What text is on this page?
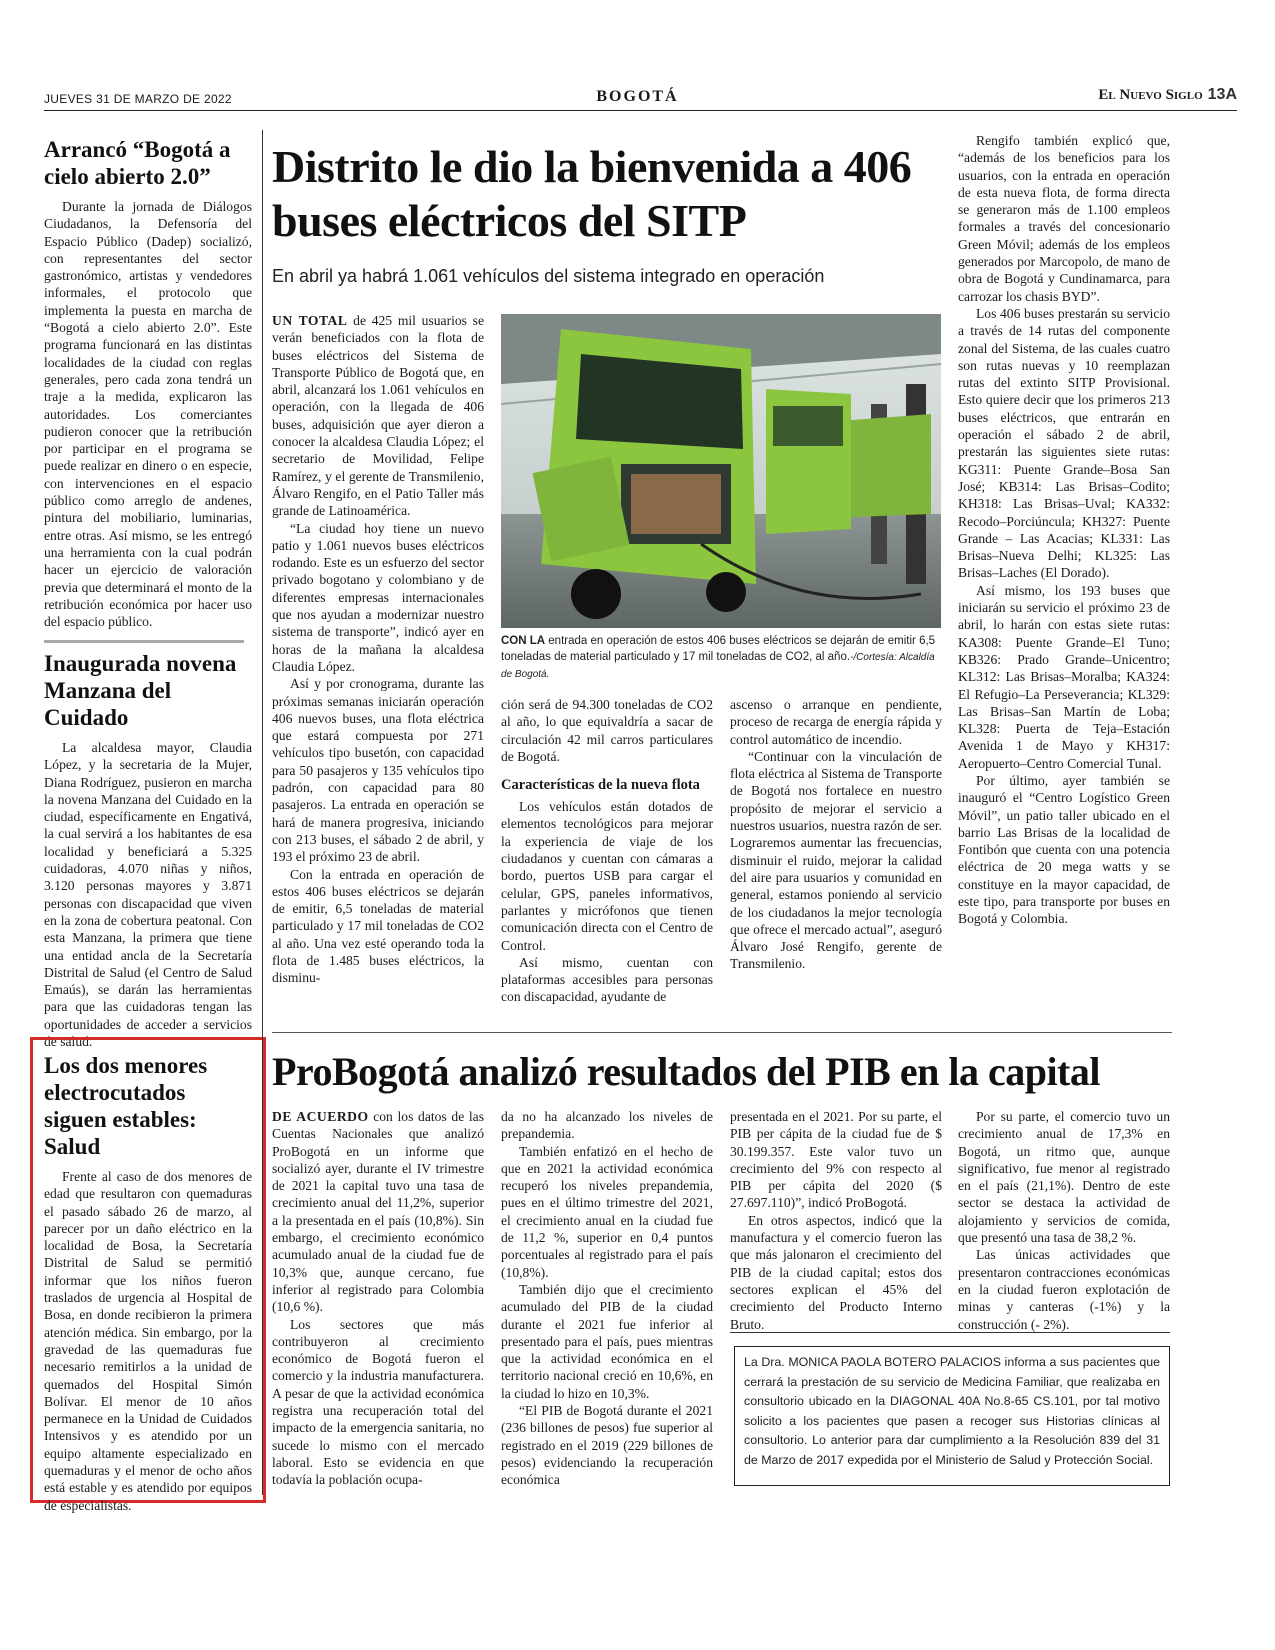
JUEVES 31 DE MARZO DE 2022	BOGOTÁ	El Nuevo Siglo 13A
Arrancó “Bogotá a cielo abierto 2.0”

Durante la jornada de Diálogos Ciudadanos, la Defensoría del Espacio Público (Dadep) socializó, con representantes del sector gastronómico, artistas y vendedores informales, el protocolo que implementa la puesta en marcha de “Bogotá a cielo abierto 2.0”. Este programa funcionará en las distintas localidades de la ciudad con reglas generales, pero cada zona tendrá un traje a la medida, explicaron las autoridades. Los comerciantes pudieron conocer que la retribución por participar en el programa se puede realizar en dinero o en especie, con intervenciones en el espacio público como arreglo de andenes, pintura del mobiliario, luminarias, entre otras. Así mismo, se les entregó una herramienta con la cual podrán hacer un ejercicio de valoración previa que determinará el monto de la retribución económica por hacer uso del espacio público.

Inaugurada novena Manzana del Cuidado

La alcaldesa mayor, Claudia López, y la secretaria de la Mujer, Diana Rodríguez, pusieron en marcha la novena Manzana del Cuidado en la ciudad, específicamente en Engativá, la cual servirá a los habitantes de esa localidad y beneficiará a 5.325 cuidadoras, 4.070 niñas y niños, 3.120 personas mayores y 3.871 personas con discapacidad que viven en la zona de cobertura peatonal. Con esta Manzana, la primera que tiene una entidad ancla de la Secretaría Distrital de Salud (el Centro de Salud Emaús), se darán las herramientas para que las cuidadoras tengan las oportunidades de acceder a servicios de salud.

Los dos menores electrocutados siguen estables: Salud

Frente al caso de dos menores de edad que resultaron con quemaduras el pasado sábado 26 de marzo, al parecer por un daño eléctrico en la localidad de Bosa, la Secretaría Distrital de Salud se permitió informar que los niños fueron traslados de urgencia al Hospital de Bosa, en donde recibieron la primera atención médica. Sin embargo, por la gravedad de las quemaduras fue necesario remitirlos a la unidad de quemados del Hospital Simón Bolívar. El menor de 10 años permanece en la Unidad de Cuidados Intensivos y es atendido por un equipo altamente especializado en quemaduras y el menor de ocho años está estable y es atendido por equipos de especialistas.

Distrito le dio la bienvenida a 406 buses eléctricos del SITP
En abril ya habrá 1.061 vehículos del sistema integrado en operación

UN TOTAL de 425 mil usuarios se verán beneficiados con la flota de buses eléctricos del Sistema de Transporte Público de Bogotá que, en abril, alcanzará los 1.061 vehículos en operación, con la llegada de 406 buses, adquisición que ayer dieron a conocer la alcaldesa Claudia López; el secretario de Movilidad, Felipe Ramírez, y el gerente de Transmilenio, Álvaro Rengifo, en el Patio Taller más grande de Latinoamérica.

“La ciudad hoy tiene un nuevo patio y 1.061 nuevos buses eléctricos rodando. Este es un esfuerzo del sector privado bogotano y colombiano y de diferentes empresas internacionales que nos ayudan a modernizar nuestro sistema de transporte”, indicó ayer en horas de la mañana la alcaldesa Claudia López.

Así y por cronograma, durante las próximas semanas iniciarán operación 406 nuevos buses, una flota eléctrica que estará compuesta por 271 vehículos tipo busetón, con capacidad para 50 pasajeros y 135 vehículos tipo padrón, con capacidad para 80 pasajeros. La entrada en operación se hará de manera progresiva, iniciando con 213 buses, el sábado 2 de abril, y 193 el próximo 23 de abril.

Con la entrada en operación de estos 406 buses eléctricos se dejarán de emitir, 6,5 toneladas de material particulado y 17 mil toneladas de CO2 al año. Una vez esté operando toda la flota de 1.485 buses eléctricos, la disminu-

CON LA entrada en operación de estos 406 buses eléctricos se dejarán de emitir 6,5 toneladas de material particulado y 17 mil toneladas de CO2, al año.-/Cortesía: Alcaldía de Bogotá.

ción será de 94.300 toneladas de CO2 al año, lo que equivaldría a sacar de circulación 42 mil carros particulares de Bogotá.

Características de la nueva flota

Los vehículos están dotados de elementos tecnológicos para mejorar la experiencia de viaje de los ciudadanos y cuentan con cámaras a bordo, puertos USB para cargar el celular, GPS, paneles informativos, parlantes y micrófonos que tienen comunicación directa con el Centro de Control.

Así mismo, cuentan con plataformas accesibles para personas con discapacidad, ayudante de

ascenso o arranque en pendiente, proceso de recarga de energía rápida y control automático de incendio.

“Continuar con la vinculación de flota eléctrica al Sistema de Transporte de Bogotá nos fortalece en nuestro propósito de mejorar el servicio a nuestros usuarios, nuestra razón de ser. Lograremos aumentar las frecuencias, disminuir el ruido, mejorar la calidad del aire para usuarios y comunidad en general, estamos poniendo al servicio de los ciudadanos la mejor tecnología que ofrece el mercado actual”, aseguró Álvaro José Rengifo, gerente de Transmilenio.

Rengifo también explicó que, “además de los beneficios para los usuarios, con la entrada en operación de esta nueva flota, de forma directa se generaron más de 1.100 empleos formales a través del concesionario Green Móvil; además de los empleos generados por Marcopolo, de mano de obra de Bogotá y Cundinamarca, para carrozar los chasis BYD”.

Los 406 buses prestarán su servicio a través de 14 rutas del componente zonal del Sistema, de las cuales cuatro son rutas nuevas y 10 reemplazan rutas del extinto SITP Provisional. Esto quiere decir que los primeros 213 buses eléctricos, que entrarán en operación el sábado 2 de abril, prestarán las siguientes siete rutas: KG311: Puente Grande–Bosa San José; KB314: Las Brisas–Codito; KH318: Las Brisas–Uval; KA332: Recodo–Porciúncula; KH327: Puente Grande – Las Acacias; KL331: Las Brisas–Nueva Delhi; KL325: Las Brisas–Laches (El Dorado).

Así mismo, los 193 buses que iniciarán su servicio el próximo 23 de abril, lo harán con estas siete rutas: KA308: Puente Grande–El Tuno; KB326: Prado Grande–Unicentro; KL312: Las Brisas–Moralba; KA324: El Refugio–La Perseverancia; KL329: Las Brisas–San Martín de Loba; KL328: Puerta de Teja–Estación Avenida 1 de Mayo y KH317: Aeropuerto–Centro Comercial Tunal.

Por último, ayer también se inauguró el “Centro Logístico Green Móvil”, un patio taller ubicado en el barrio Las Brisas de la localidad de Fontibón que cuenta con una potencia eléctrica de 20 mega watts y se constituye en la mayor capacidad, de este tipo, para transporte por buses en Bogotá y Colombia.

ProBogotá analizó resultados del PIB en la capital

DE ACUERDO con los datos de las Cuentas Nacionales que analizó ProBogotá en un informe que socializó ayer, durante el IV trimestre de 2021 la capital tuvo una tasa de crecimiento anual del 11,2%, superior a la presentada en el país (10,8%). Sin embargo, el crecimiento económico acumulado anual de la ciudad fue de 10,3% que, aunque cercano, fue inferior al registrado para Colombia (10,6 %).

Los sectores que más contribuyeron al crecimiento económico de Bogotá fueron el comercio y la industria manufacturera. A pesar de que la actividad económica registra una recuperación total del impacto de la emergencia sanitaria, no sucede lo mismo con el mercado laboral. Esto se evidencia en que todavía la población ocupa-

da no ha alcanzado los niveles de prepandemia.

También enfatizó en el hecho de que en 2021 la actividad económica recuperó los niveles prepandemia, pues en el último trimestre del 2021, el crecimiento anual en la ciudad fue de 11,2 %, superior en 0,4 puntos porcentuales al registrado para el país (10,8%).

También dijo que el crecimiento acumulado del PIB de la ciudad durante el 2021 fue inferior al presentado para el país, pues mientras que la actividad económica en el territorio nacional creció en 10,6%, en la ciudad lo hizo en 10,3%.

“El PIB de Bogotá durante el 2021 (236 billones de pesos) fue superior al registrado en el 2019 (229 billones de pesos) evidenciando la recuperación económica

presentada en el 2021. Por su parte, el PIB per cápita de la ciudad fue de $ 30.199.357. Este valor tuvo un crecimiento del 9% con respecto al PIB per cápita del 2020 ($ 27.697.110)”, indicó ProBogotá.

En otros aspectos, indicó que la manufactura y el comercio fueron las que más jalonaron el crecimiento del PIB de la ciudad capital; estos dos sectores explican el 45% del crecimiento del Producto Interno Bruto.

Por su parte, el comercio tuvo un crecimiento anual de 17,3% en Bogotá, un ritmo que, aunque significativo, fue menor al registrado en el país (21,1%). Dentro de este sector se destaca la actividad de alojamiento y servicios de comida, que presentó una tasa de 38,2 %.

Las únicas actividades que presentaron contracciones económicas en la ciudad fueron explotación de minas y canteras (-1%) y la construcción (- 2%).

La Dra. MONICA PAOLA BOTERO PALACIOS informa a sus pacientes que cerrará la prestación de su servicio de Medicina Familiar, que realizaba en consultorio ubicado en la DIAGONAL 40A No.8-65 CS.101, por tal motivo solicito a los pacientes que pasen a recoger sus Historias clínicas al consultorio. Lo anterior para dar cumplimiento a la Resolución 839 del 31 de Marzo de 2017 expedida por el Ministerio de Salud y Protección Social.
